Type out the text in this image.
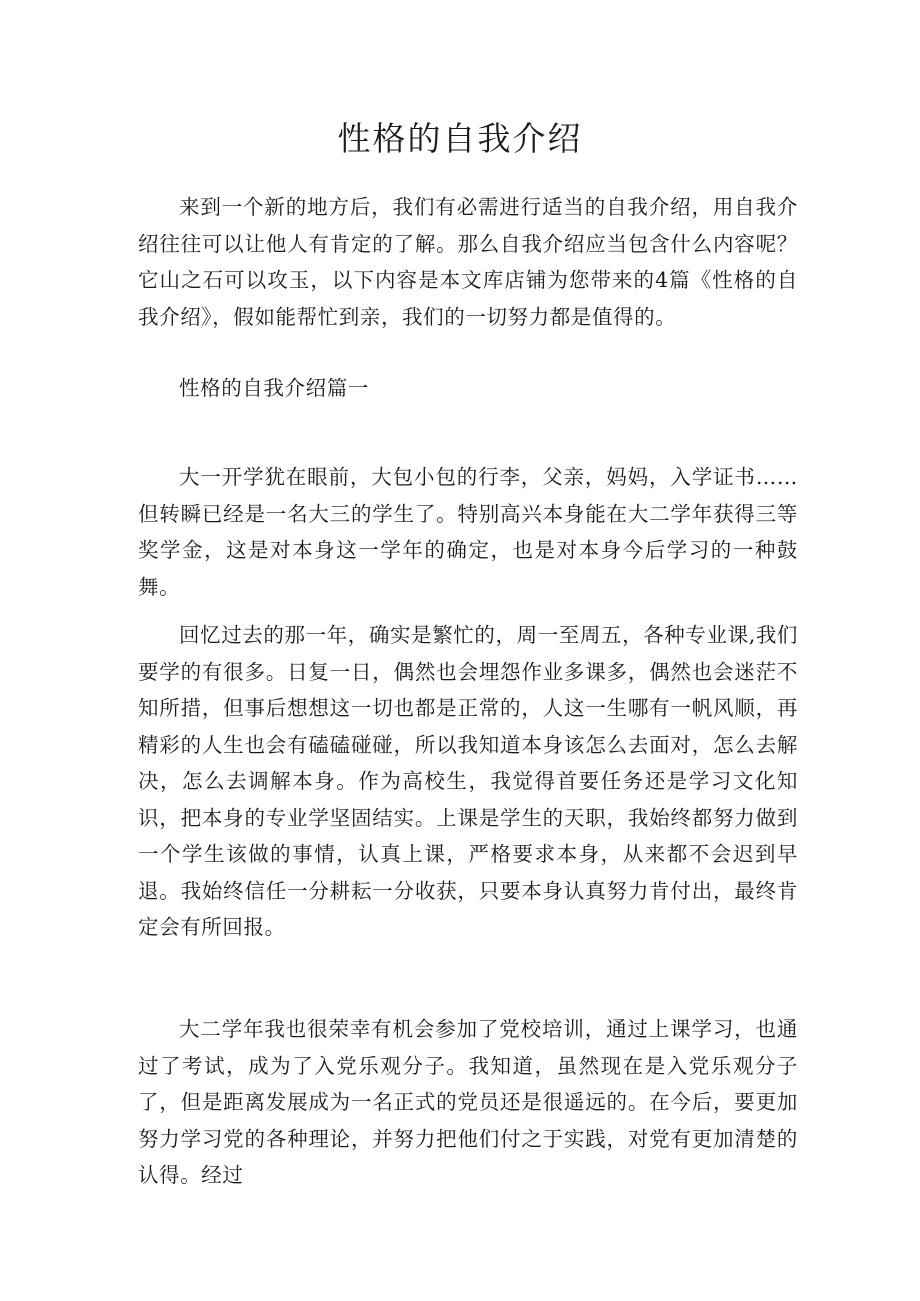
性格的自我介绍

来到一个新的地方后，我们有必需进行适当的自我介绍，用自我介绍往往可以让他人有肯定的了解。那么自我介绍应当包含什么内容呢？它山之石可以攻玉，以下内容是本文库店铺为您带来的4篇《性格的自我介绍》，假如能帮忙到亲，我们的一切努力都是值得的。

性格的自我介绍篇一

大一开学犹在眼前，大包小包的行李，父亲，妈妈，入学证书……但转瞬已经是一名大三的学生了。特别高兴本身能在大二学年获得三等奖学金，这是对本身这一学年的确定，也是对本身今后学习的一种鼓舞。

回忆过去的那一年，确实是繁忙的，周一至周五，各种专业课,我们要学的有很多。日复一日，偶然也会埋怨作业多课多，偶然也会迷茫不知所措，但事后想想这一切也都是正常的，人这一生哪有一帆风顺，再精彩的人生也会有磕磕碰碰，所以我知道本身该怎么去面对，怎么去解决，怎么去调解本身。作为高校生，我觉得首要任务还是学习文化知识，把本身的专业学坚固结实。上课是学生的天职，我始终都努力做到一个学生该做的事情，认真上课，严格要求本身，从来都不会迟到早退。我始终信任一分耕耘一分收获，只要本身认真努力肯付出，最终肯定会有所回报。

大二学年我也很荣幸有机会参加了党校培训，通过上课学习，也通过了考试，成为了入党乐观分子。我知道，虽然现在是入党乐观分子了，但是距离发展成为一名正式的党员还是很遥远的。在今后，要更加努力学习党的各种理论，并努力把他们付之于实践，对党有更加清楚的认得。经过
